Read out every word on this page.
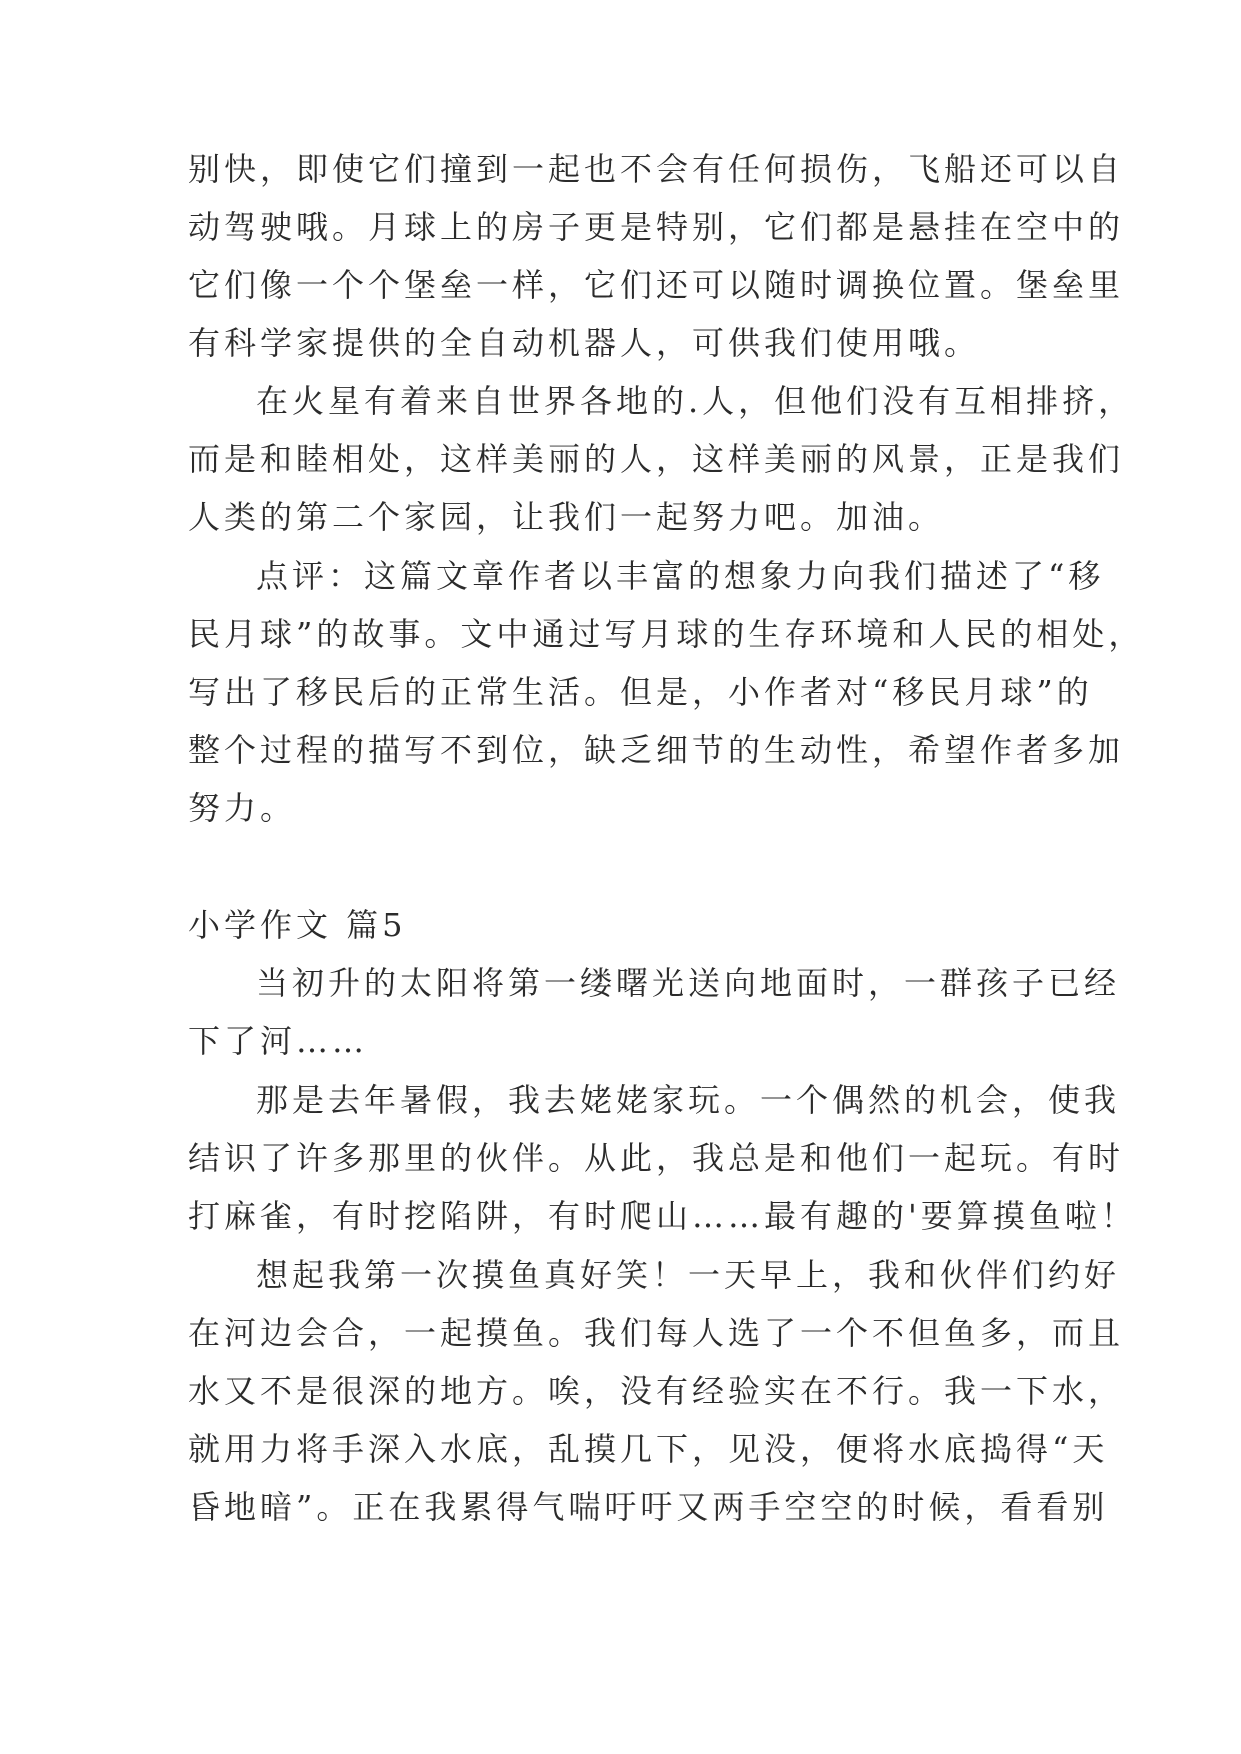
别快，即使它们撞到一起也不会有任何损伤，飞船还可以自
动驾驶哦。月球上的房子更是特别，它们都是悬挂在空中的
它们像一个个堡垒一样，它们还可以随时调换位置。堡垒里
有科学家提供的全自动机器人，可供我们使用哦。
在火星有着来自世界各地的.人，但他们没有互相排挤，
而是和睦相处，这样美丽的人，这样美丽的风景，正是我们
人类的第二个家园，让我们一起努力吧。加油。
点评：这篇文章作者以丰富的想象力向我们描述了“移
民月球”的故事。文中通过写月球的生存环境和人民的相处，
写出了移民后的正常生活。但是，小作者对“移民月球”的
整个过程的描写不到位，缺乏细节的生动性，希望作者多加
努力。
小学作文 篇5
当初升的太阳将第一缕曙光送向地面时，一群孩子已经
下了河……
那是去年暑假，我去姥姥家玩。一个偶然的机会，使我
结识了许多那里的伙伴。从此，我总是和他们一起玩。有时
打麻雀，有时挖陷阱，有时爬山……最有趣的'要算摸鱼啦！
想起我第一次摸鱼真好笑！一天早上，我和伙伴们约好
在河边会合，一起摸鱼。我们每人选了一个不但鱼多，而且
水又不是很深的地方。唉，没有经验实在不行。我一下水，
就用力将手深入水底，乱摸几下，见没，便将水底捣得“天
昏地暗”。正在我累得气喘吁吁又两手空空的时候，看看别
